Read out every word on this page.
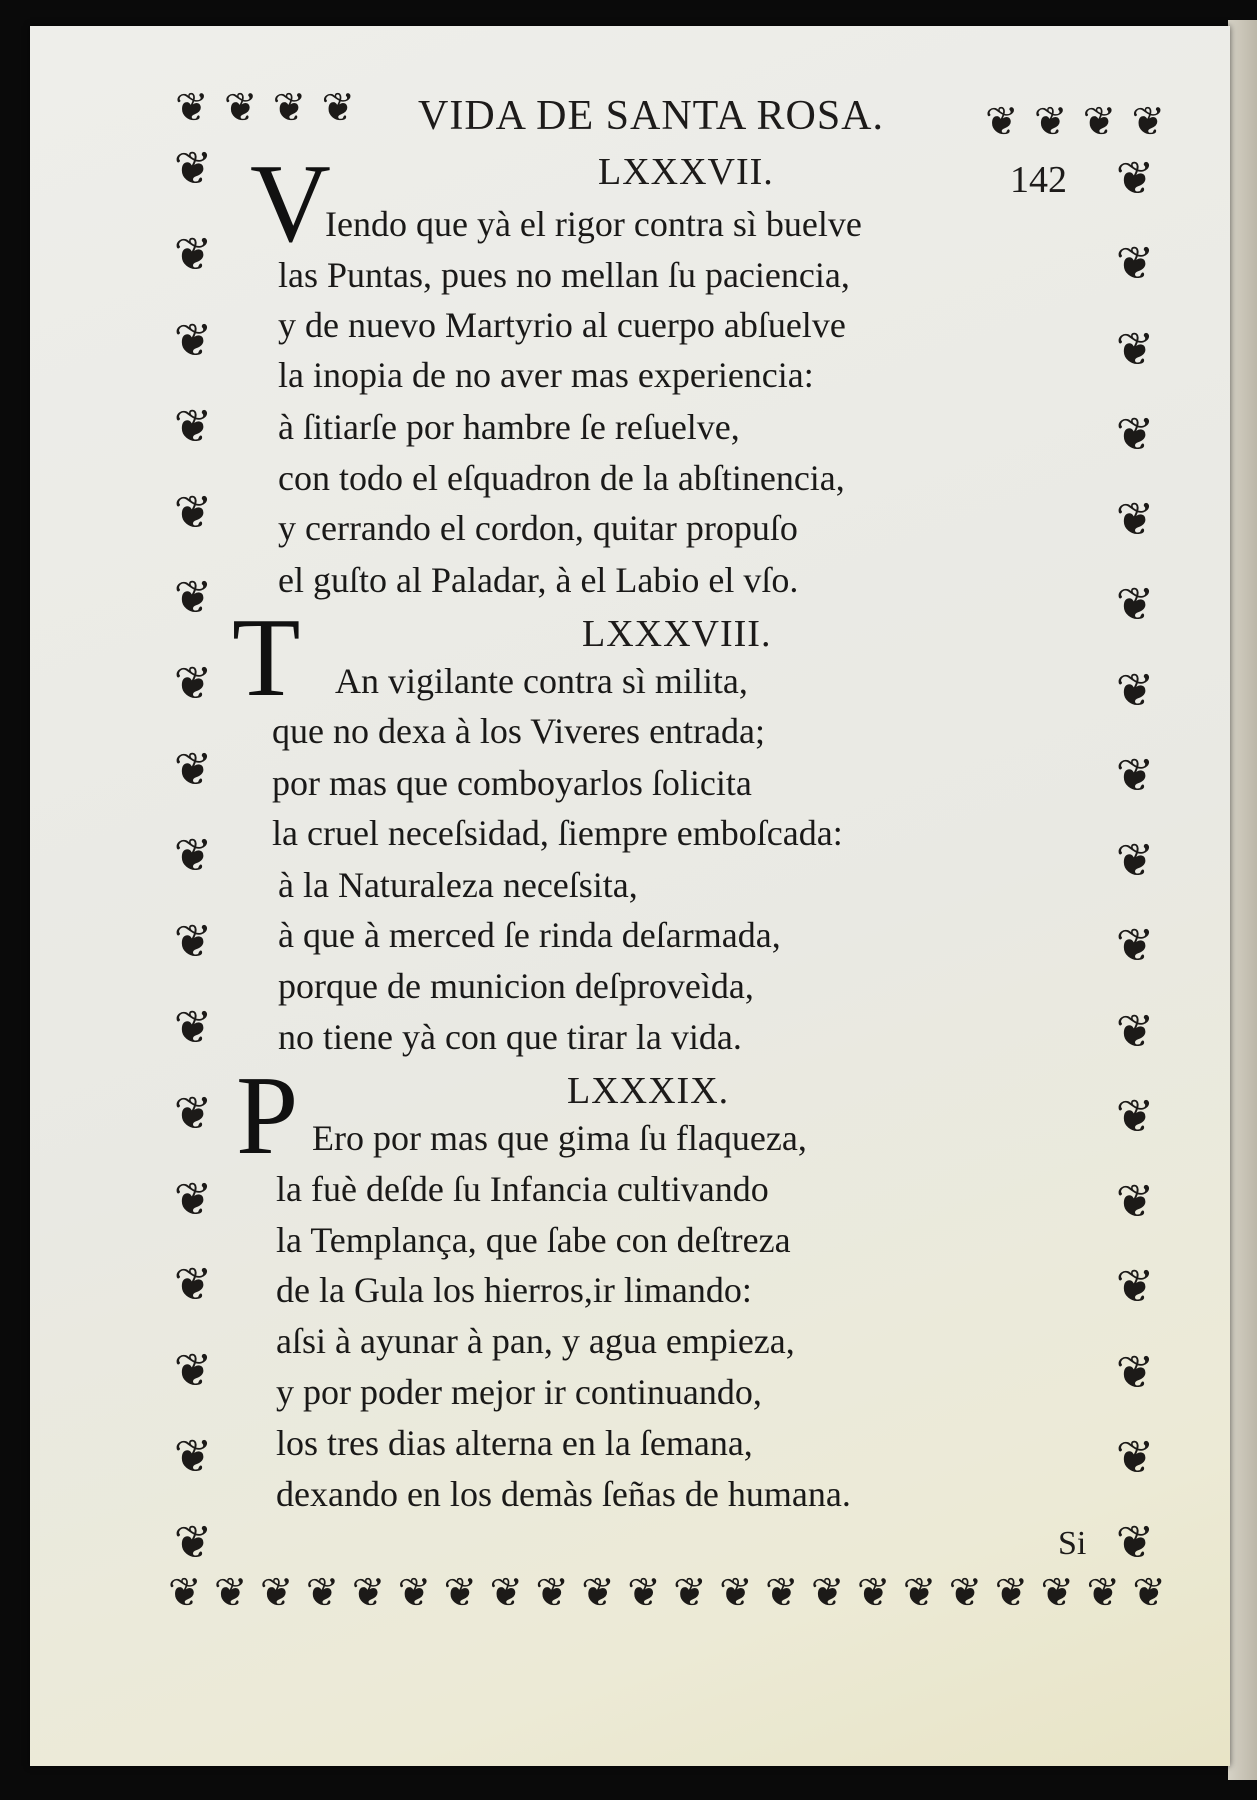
❦ ❦ ❦ ❦	❦ ❦ ❦ ❦
❦ ❦ ❦ ❦ ❦ ❦ ❦ ❦ ❦ ❦ ❦ ❦ ❦ ❦ ❦ ❦ ❦ ❦ ❦ ❦ ❦ ❦
❦
❦
❦
❦
❦
❦
❦
❦
❦
❦
❦
❦
❦
❦
❦
❦
❦
❦
❦
❦
❦
❦
❦
❦
❦
❦
❦
❦
❦
❦
❦
❦
❦
❦
VIDA DE SANTA ROSA.
142
LXXXVII.
V
Iendo que yà el rigor contra sì buelve
las Puntas, pues no mellan ſu paciencia,
y de nuevo Martyrio al cuerpo abſuelve
la inopia de no aver mas experiencia:
à ſitiarſe por hambre ſe reſuelve,
con todo el eſquadron de la abſtinencia,
y cerrando el cordon, quitar propuſo
el guſto al Paladar, à el Labio el vſo.
LXXXVIII.
T An vigilante contra sì milita,
que no dexa à los Viveres entrada;
por mas que comboyarlos ſolicita
la cruel neceſsidad, ſiempre emboſcada:
à la Naturaleza neceſsita,
à que à merced ſe rinda deſarmada,
porque de municion deſproveìda,
no tiene yà con que tirar la vida.
LXXXIX.
P Ero por mas que gima ſu flaqueza,
la fuè deſde ſu Infancia cultivando
la Templança, que ſabe con deſtreza
de la Gula los hierros,ir limando:
aſsi à ayunar à pan, y agua empieza,
y por poder mejor ir continuando,
los tres dias alterna en la ſemana,
dexando en los demàs ſeñas de humana.
Si
